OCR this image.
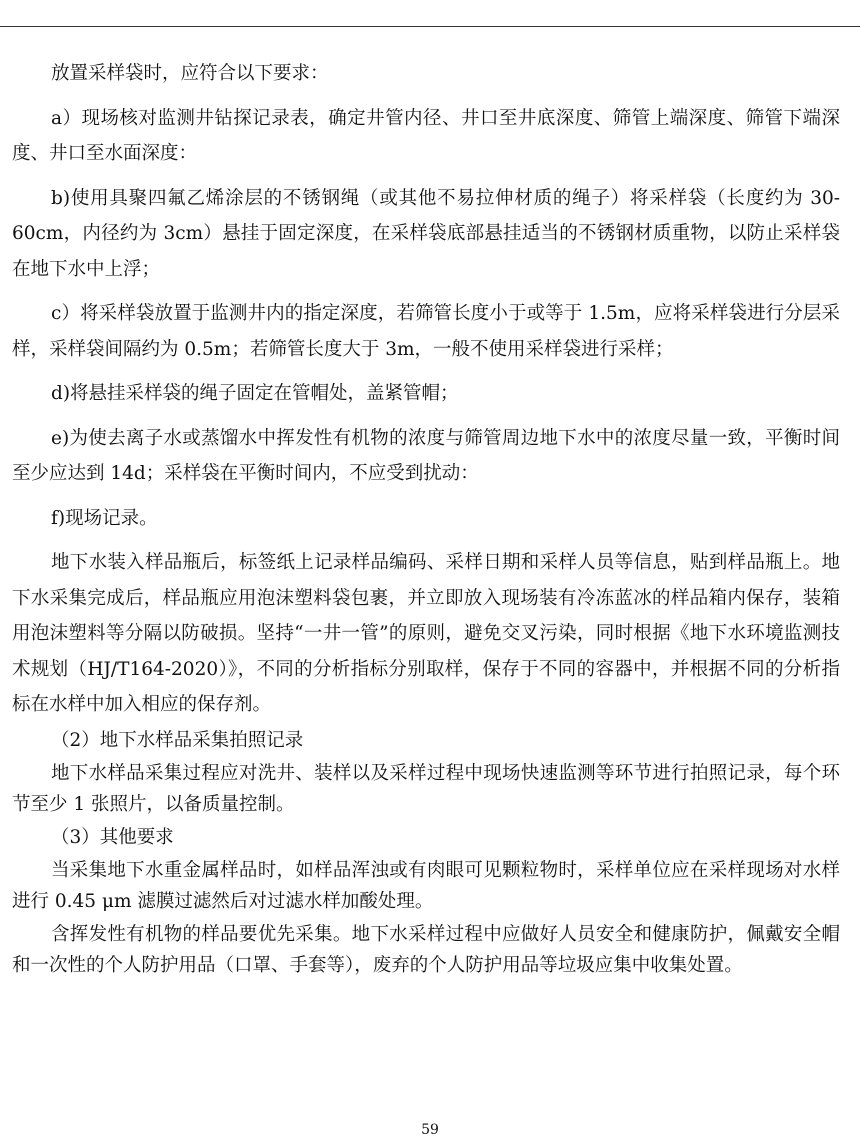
放置采样袋时，应符合以下要求：

a）现场核对监测井钻探记录表，确定井管内径、井口至井底深度、筛管上端深度、筛管下端深度、井口至水面深度：

b)使用具聚四氟乙烯涂层的不锈钢绳（或其他不易拉伸材质的绳子）将采样袋（长度约为 30-60cm，内径约为 3cm）悬挂于固定深度，在采样袋底部悬挂适当的不锈钢材质重物，以防止采样袋在地下水中上浮；

c）将采样袋放置于监测井内的指定深度，若筛管长度小于或等于 1.5m，应将采样袋进行分层采样，采样袋间隔约为 0.5m；若筛管长度大于 3m，一般不使用采样袋进行采样；

d)将悬挂采样袋的绳子固定在管帽处，盖紧管帽；

e)为使去离子水或蒸馏水中挥发性有机物的浓度与筛管周边地下水中的浓度尽量一致，平衡时间至少应达到 14d；采样袋在平衡时间内，不应受到扰动：

f)现场记录。

地下水装入样品瓶后，标签纸上记录样品编码、采样日期和采样人员等信息，贴到样品瓶上。地下水采集完成后，样品瓶应用泡沫塑料袋包裹，并立即放入现场装有冷冻蓝冰的样品箱内保存，装箱用泡沫塑料等分隔以防破损。坚持“一井一管”的原则，避免交叉污染，同时根据《地下水环境监测技术规划（HJ/T164-2020）》，不同的分析指标分别取样，保存于不同的容器中，并根据不同的分析指标在水样中加入相应的保存剂。

（2）地下水样品采集拍照记录

地下水样品采集过程应对洗井、装样以及采样过程中现场快速监测等环节进行拍照记录，每个环节至少 1 张照片，以备质量控制。

（3）其他要求

当采集地下水重金属样品时，如样品浑浊或有肉眼可见颗粒物时，采样单位应在采样现场对水样进行 0.45 μm 滤膜过滤然后对过滤水样加酸处理。

含挥发性有机物的样品要优先采集。地下水采样过程中应做好人员安全和健康防护，佩戴安全帽和一次性的个人防护用品（口罩、手套等），废弃的个人防护用品等垃圾应集中收集处置。

59
